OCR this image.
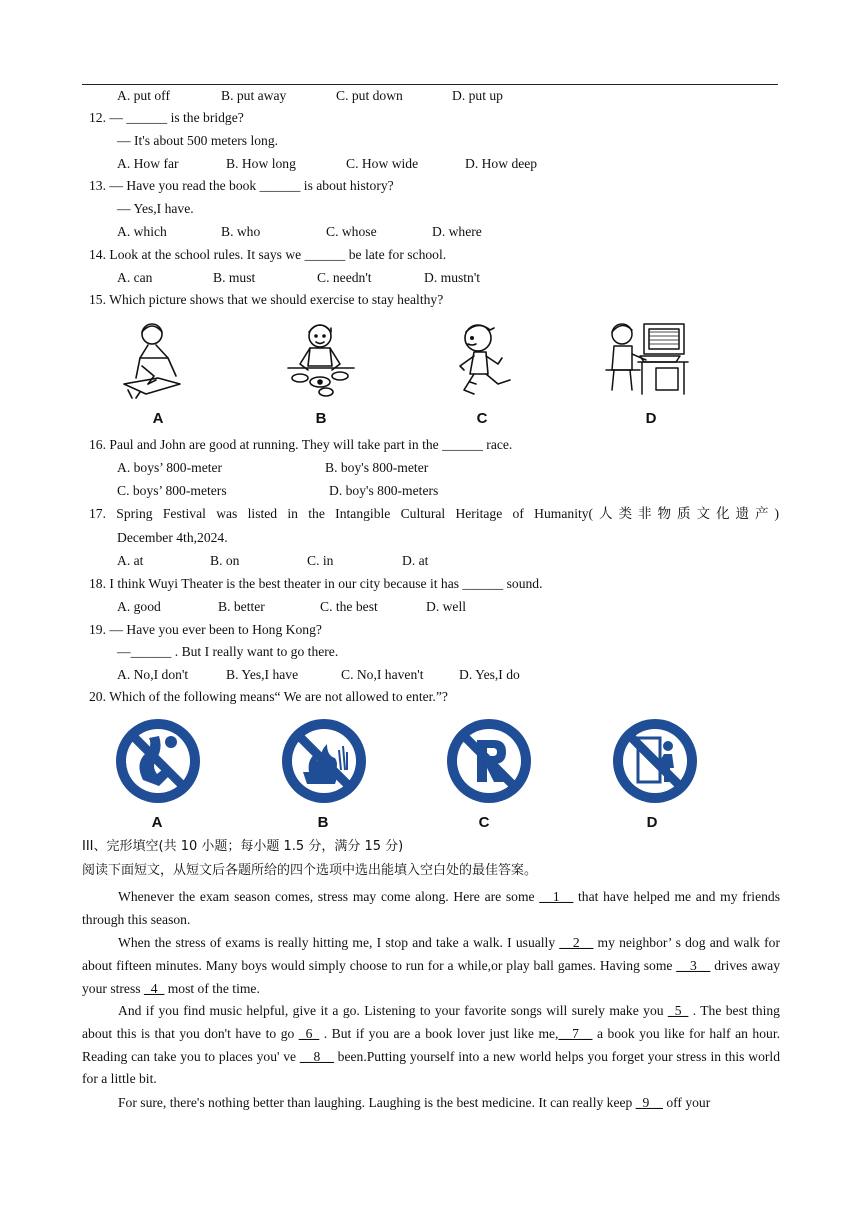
A. put off	B. put away	C. put down	D. put up
12. — ______ is the bridge?
— It's about 500 meters long.
A. How far	B. How long	C. How wide	D. How deep
13. — Have you read the book ______ is about history?
— Yes,I have.
A. which	B. who	C. whose	D. where
14. Look at the school rules. It says we ______ be late for school.
A. can	B. must	C. needn't	D. mustn't
15. Which picture shows that we should exercise to stay healthy?
A	B	C	D
16. Paul and John are good at running. They will take part in the ______ race.
A. boys’ 800-meter	B. boy's 800-meter
C. boys’ 800-meters	D. boy's 800-meters
17. Spring Festival was listed in the Intangible Cultural Heritage of Humanity(人类非物质文化遗产)
December 4th,2024.
A. at	B. on	C. in	D. at
18. I think Wuyi Theater is the best theater in our city because it has ______ sound.
A. good	B. better	C. the best	D. well
19. — Have you ever been to Hong Kong?
—______ . But I really want to go there.
A. No,I don't	B. Yes,I have	C. No,I haven't	D. Yes,I do
20. Which of the following means“ We are not allowed to enter.”?
A	B	C	D
III、完形填空(共 10 小题；每小题 1.5 分，满分 15 分)
阅读下面短文，从短文后各题所给的四个选项中选出能填入空白处的最佳答案。
Whenever the exam season comes, stress may come along. Here are some __1__ that have helped me and my friends through this season.
When the stress of exams is really hitting me, I stop and take a walk. I usually __2__ my neighbor’ s dog and walk for about fifteen minutes. Many boys would simply choose to run for a while,or play ball games. Having some __3__ drives away your stress _4_ most of the time.
And if you find music helpful, give it a go. Listening to your favorite songs will surely make you _5_ . The best thing about this is that you don't have to go _6_ . But if you are a book lover just like me,__7__ a book you like for half an hour. Reading can take you to places you' ve __8__ been.Putting yourself into a new world helps you forget your stress in this world for a little bit.
For sure, there's nothing better than laughing. Laughing is the best medicine. It can really keep _9__ off your
